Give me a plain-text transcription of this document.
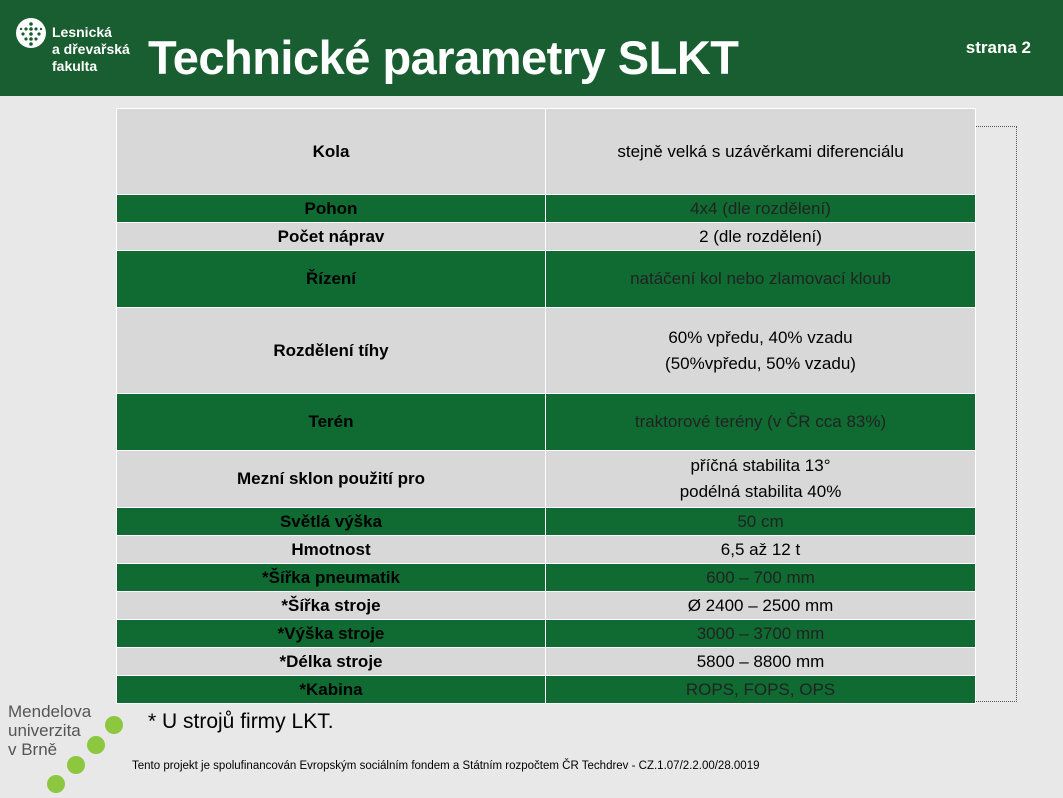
Lesnická
a dřevařská
fakulta	Technické parametry SLKT	strana 2
Kola	stejně velká s uzávěrkami diferenciálu

Pohon	4x4 (dle rozdělení)

Počet náprav	2 (dle rozdělení)

Řízení	natáčení kol nebo zlamovací kloub

Rozdělení tíhy	60% vpředu, 40% vzadu
(50%vpředu, 50% vzadu)

Terén	traktorové terény (v ČR cca 83%)

Mezní sklon použití pro	příčná stabilita 13°
podélná stabilita 40%

Světlá výška	50 cm

Hmotnost	6,5 až 12 t

*Šířka pneumatik	600 – 700 mm

*Šířka stroje	Ø 2400 – 2500 mm

*Výška stroje	3000 – 3700 mm

*Délka stroje	5800 – 8800 mm

*Kabina	ROPS, FOPS, OPS
* U strojů firmy LKT.
Mendelova
univerzita
v Brně
Tento projekt je spolufinancován Evropským sociálním fondem a Státním rozpočtem ČR Techdrev - CZ.1.07/2.2.00/28.0019
